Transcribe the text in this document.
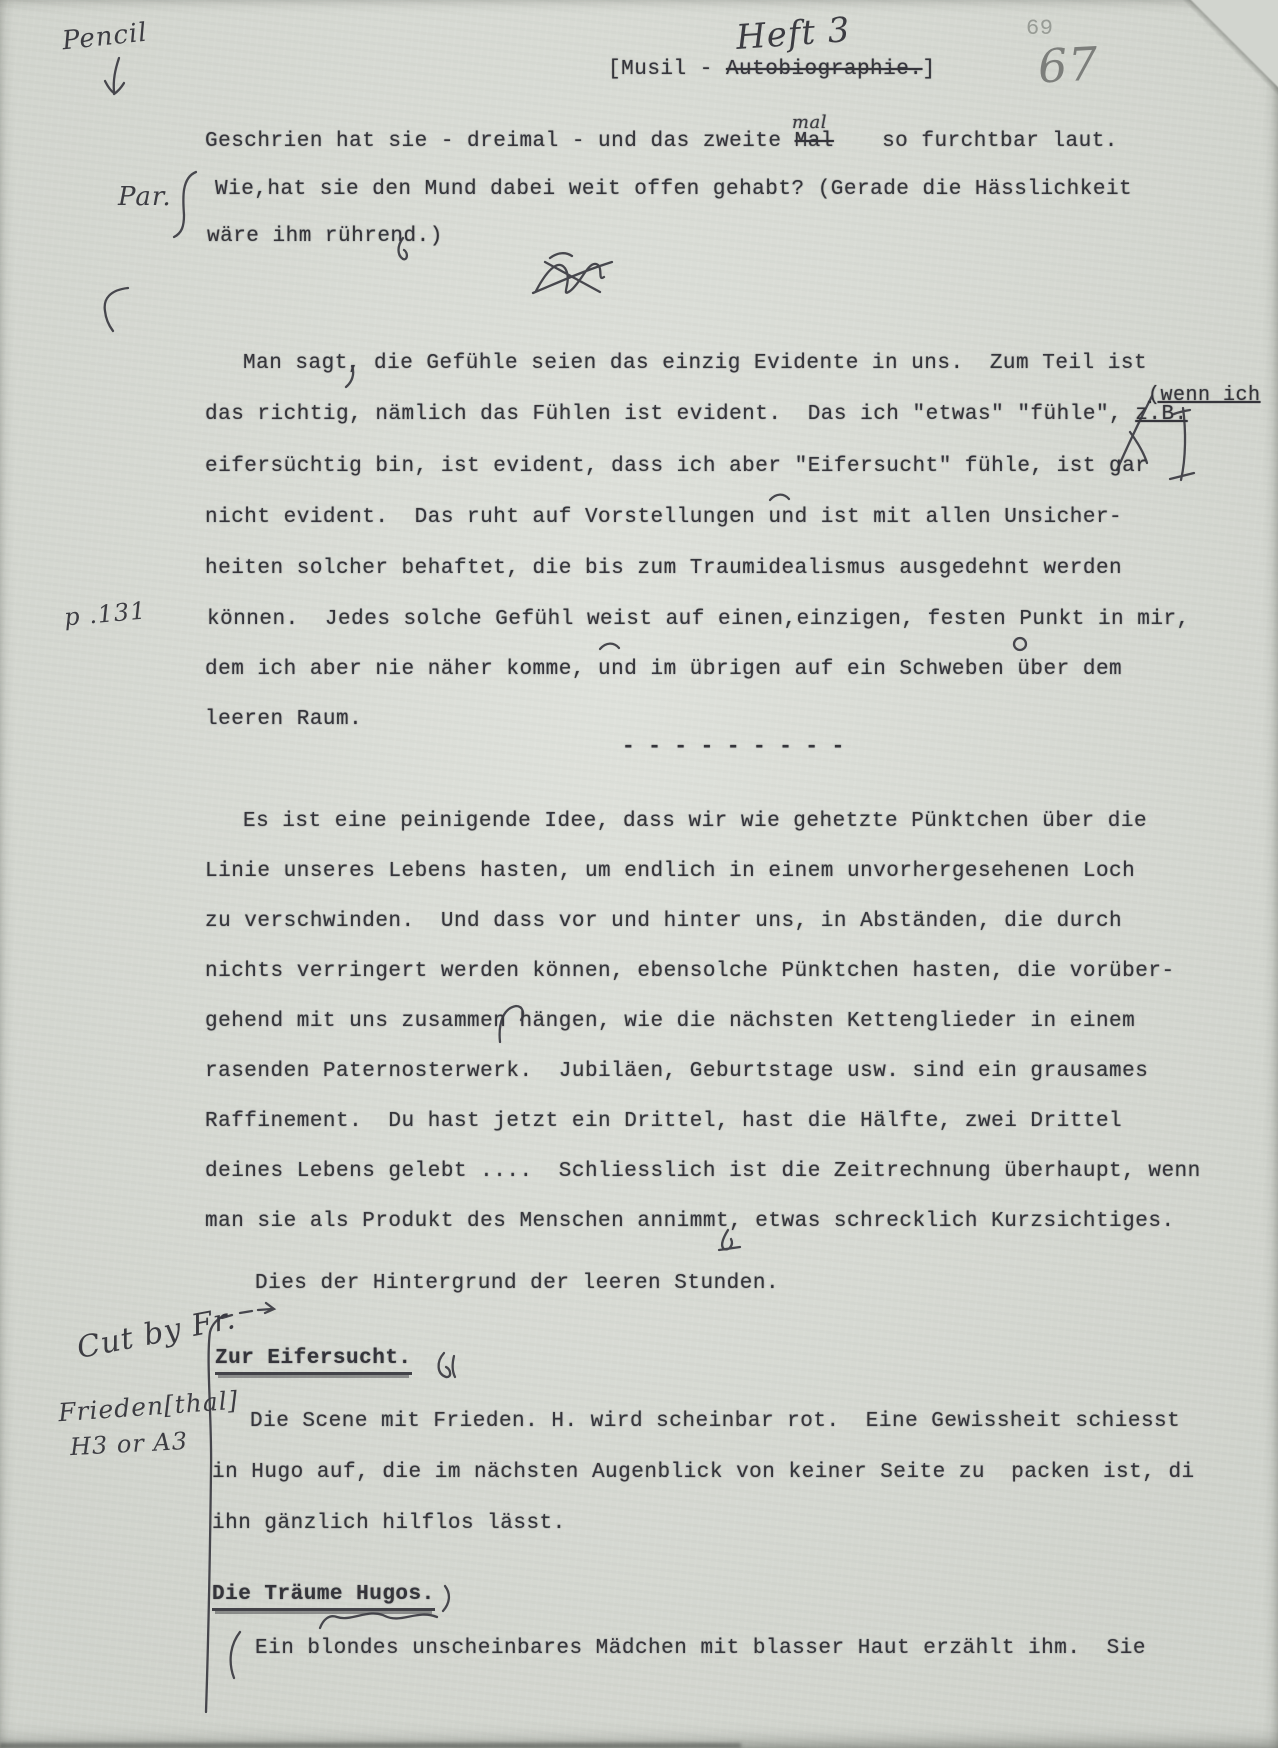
Pencil	Heft 3	69
67
[Musil - Autobiographie.]
Geschrien hat sie - dreimal - und das zweite Malmal so furchtbar laut.
Par. Wie,hat sie den Mund dabei weit offen gehabt? (Gerade die Hässlichkeit
wäre ihm rührend.)
Man sagt, die Gefühle seien das einzig Evidente in uns.  Zum Teil ist
(wenn ich
das richtig, nämlich das Fühlen ist evident.  Das ich "etwas" "fühle", z.B.
eifersüchtig bin, ist evident, dass ich aber "Eifersucht" fühle, ist gar
nicht evident.  Das ruht auf Vorstellungen und ist mit allen Unsicher-
heiten solcher behaftet, die bis zum Traumidealismus ausgedehnt werden
p .131	können.  Jedes solche Gefühl weist auf einen,einzigen, festen Punkt in mir,
dem ich aber nie näher komme, und im übrigen auf ein Schweben über dem
leeren Raum.
- - - - - - - - -
Es ist eine peinigende Idee, dass wir wie gehetzte Pünktchen über die
Linie unseres Lebens hasten, um endlich in einem unvorhergesehenen Loch
zu verschwinden.  Und dass vor und hinter uns, in Abständen, die durch
nichts verringert werden können, ebensolche Pünktchen hasten, die vorüber-
gehend mit uns zusammen hängen, wie die nächsten Kettenglieder in einem
rasenden Paternosterwerk.  Jubiläen, Geburtstage usw. sind ein grausames
Raffinement.  Du hast jetzt ein Drittel, hast die Hälfte, zwei Drittel
deines Lebens gelebt ....  Schliesslich ist die Zeitrechnung überhaupt, wenn
man sie als Produkt des Menschen annimmt, etwas schrecklich Kurzsichtiges.
Dies der Hintergrund der leeren Stunden.
Cut by Fr.
Frieden[thal]
H3 or A3
Zur Eifersucht.
Die Scene mit Frieden. H. wird scheinbar rot.  Eine Gewissheit schiesst
in Hugo auf, die im nächsten Augenblick von keiner Seite zu  packen ist, di
ihn gänzlich hilflos lässt.
Die Träume Hugos.
Ein blondes unscheinbares Mädchen mit blasser Haut erzählt ihm.  Sie
